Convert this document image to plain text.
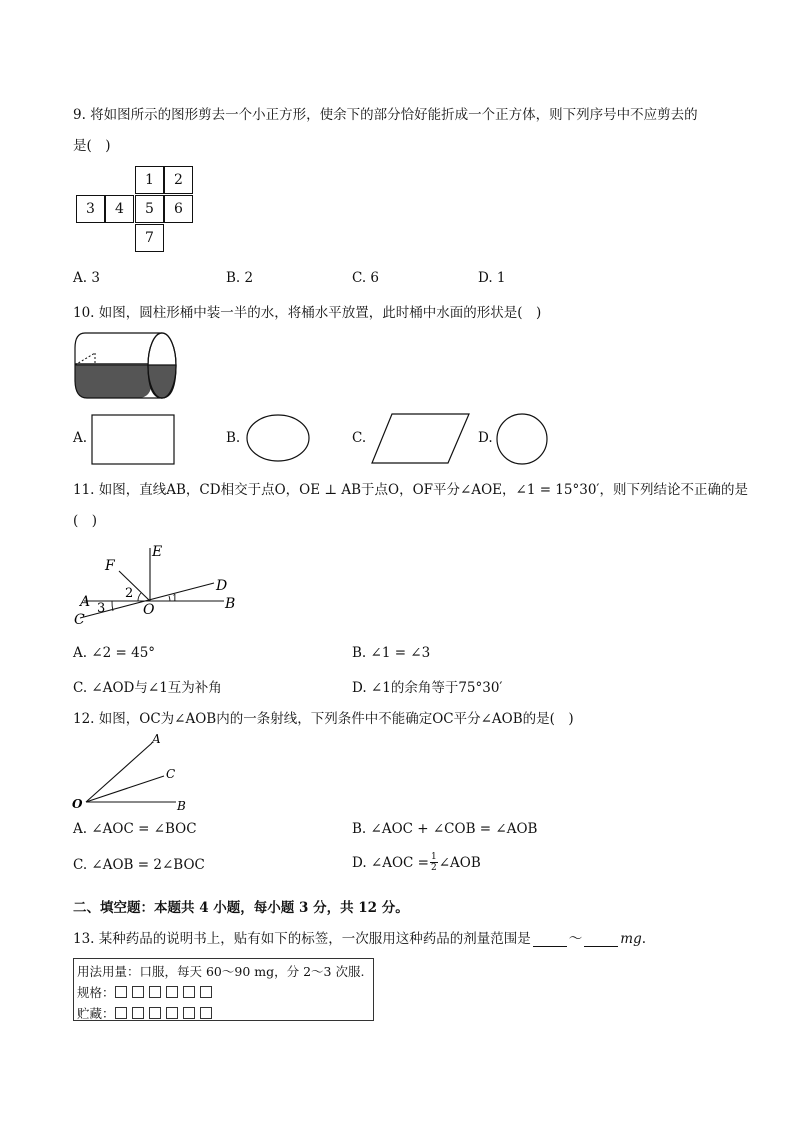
9. 将如图所示的图形剪去一个小正方形，使余下的部分恰好能折成一个正方体，则下列序号中不应剪去的
是(　)
1	2
3	4	5	6
7
A. 3	B. 2	C. 6	D. 1
10. 如图，圆柱形桶中装一半的水，将桶水平放置，此时桶中水面的形状是(　)
A.	B.	C.	D.
11. 如图，直线AB，CD相交于点O，OE ⊥ AB于点O，OF平分∠AOE，∠1 = 15°30′，则下列结论不正确的是
(　)
F
E
D
A	B
C
O
1
2
3
A. ∠2 = 45°	B. ∠1 = ∠3
C. ∠AOD与∠1互为补角	D. ∠1的余角等于75°30′
12. 如图，OC为∠AOB内的一条射线，下列条件中不能确定OC平分∠AOB的是(　)
A
C
O	B
A. ∠AOC = ∠BOC	B. ∠AOC + ∠COB = ∠AOB
C. ∠AOB = 2∠BOC	D. ∠AOC = $\frac{1}{2}$ ∠AOB
二、填空题：本题共 4 小题，每小题 3 分，共 12 分。
13. 某种药品的说明书上，贴有如下的标签，一次服用这种药品的剂量范围是	～	mg .
用法用量：口服，每天 60～90 mg，分 2～3 次服.
规格：
贮藏：
